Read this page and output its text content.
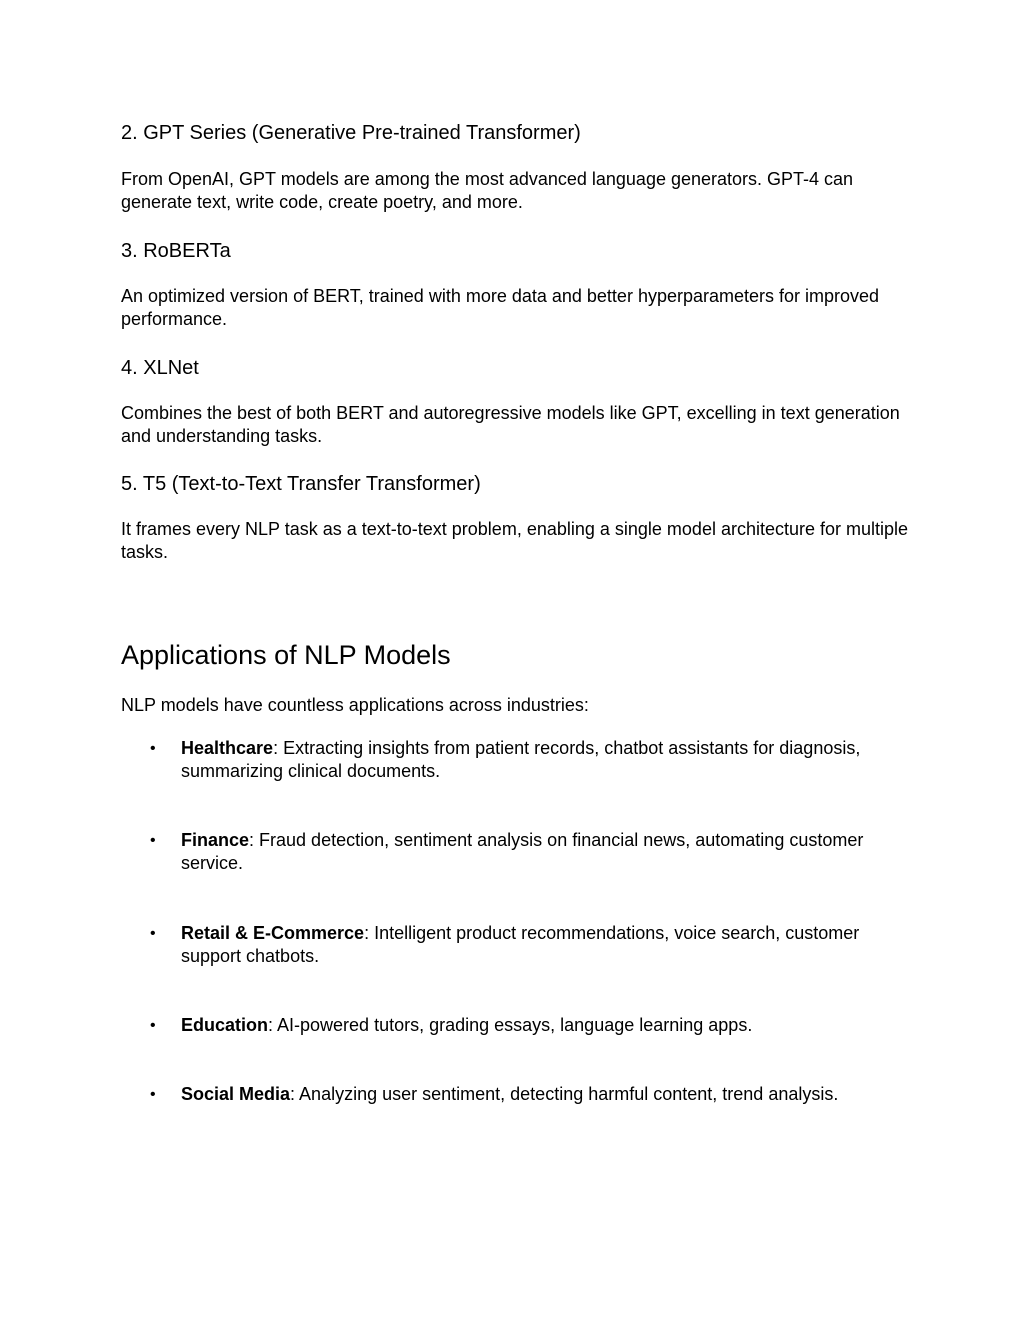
2. GPT Series (Generative Pre-trained Transformer)

From OpenAI, GPT models are among the most advanced language generators. GPT-4 can generate text, write code, create poetry, and more.

3. RoBERTa

An optimized version of BERT, trained with more data and better hyperparameters for improved performance.

4. XLNet

Combines the best of both BERT and autoregressive models like GPT, excelling in text generation and understanding tasks.

5. T5 (Text-to-Text Transfer Transformer)

It frames every NLP task as a text-to-text problem, enabling a single model architecture for multiple tasks.

Applications of NLP Models

NLP models have countless applications across industries:

• Healthcare: Extracting insights from patient records, chatbot assistants for diagnosis, summarizing clinical documents.
• Finance: Fraud detection, sentiment analysis on financial news, automating customer service.
• Retail & E-Commerce: Intelligent product recommendations, voice search, customer support chatbots.
• Education: AI-powered tutors, grading essays, language learning apps.
• Social Media: Analyzing user sentiment, detecting harmful content, trend analysis.
